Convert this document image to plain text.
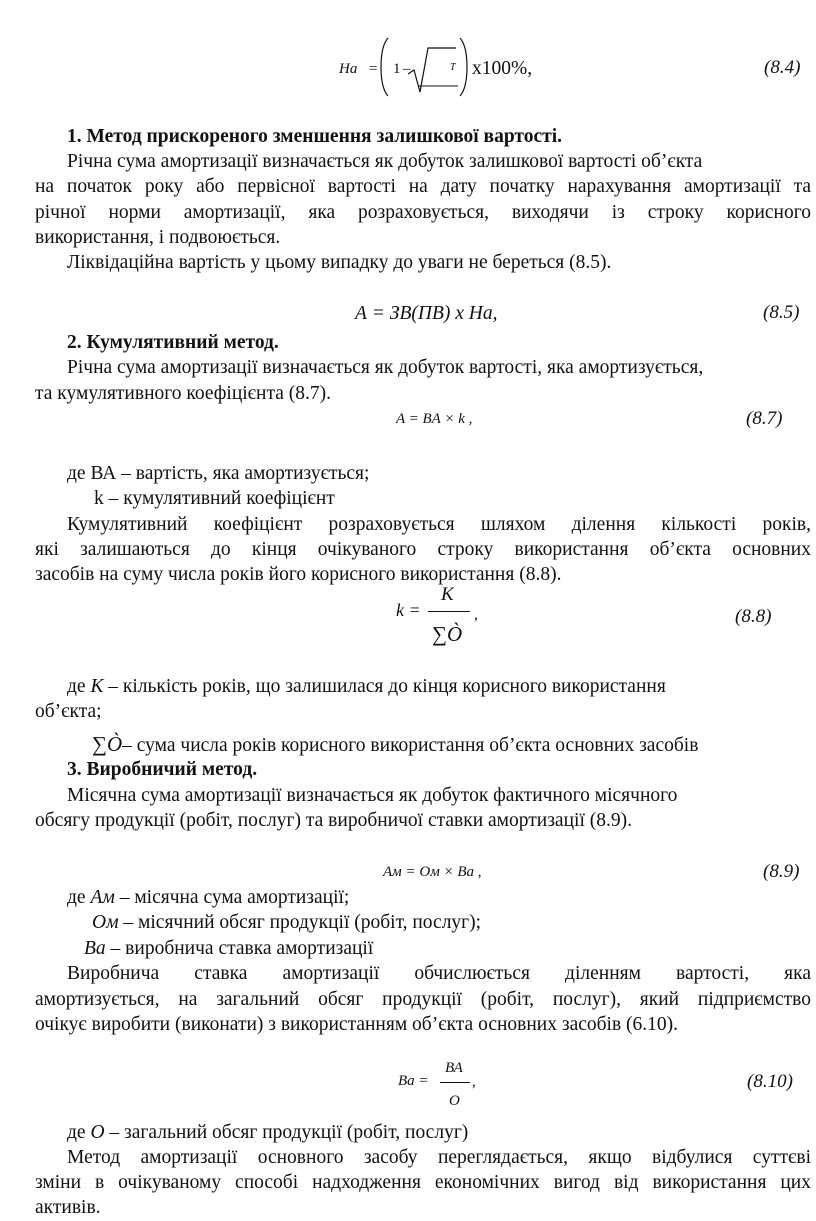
На = 1 –	T х100%,	(8.4)
1. Метод прискореного зменшення залишкової вартості.
Річна сума амортизації визначається як добуток залишкової вартості об’єкта
на початок року або первісної вартості на дату початку нарахування амортизації та
річної норми амортизації, яка розраховується, виходячи із строку корисного
використання, і подвоюється.
Ліквідаційна вартість у цьому випадку до уваги не береться (8.5).
А = ЗВ(ПВ) х На,	(8.5)
2. Кумулятивний метод.
Річна сума амортизації визначається як добуток вартості, яка амортизується,
та кумулятивного коефіцієнта (8.7).
A = BA × k ,	(8.7)
де ВА – вартість, яка амортизується;
k – кумулятивний коефіцієнт
Кумулятивний коефіцієнт розраховується шляхом ділення кількості років,
які залишаються до кінця очікуваного строку використання об’єкта основних
засобів на суму числа років його корисного використання (8.8).
k =
K
∑Ò
,	(8.8)
де К – кількість років, що залишилася до кінця корисного використання
об’єкта;
∑Ò– сума числа років корисного використання об’єкта основних засобів
3. Виробничий метод.
Місячна сума амортизації визначається як добуток фактичного місячного
обсягу продукції (робіт, послуг) та виробничої ставки амортизації (8.9).
Ам = Ом × Ва ,	(8.9)
де Ам – місячна сума амортизації;
Ом – місячний обсяг продукції (робіт, послуг);
Ва – виробнича ставка амортизації
Виробнича ставка амортизації обчислюється діленням вартості, яка
амортизується, на загальний обсяг продукції (робіт, послуг), який підприємство
очікує виробити (виконати) з використанням об’єкта основних засобів (6.10).
Ва =
ВА
О
,	(8.10)
де О – загальний обсяг продукції (робіт, послуг)
Метод амортизації основного засобу переглядається, якщо відбулися суттєві
зміни в очікуваному способі надходження економічних вигод від використання цих
активів.
